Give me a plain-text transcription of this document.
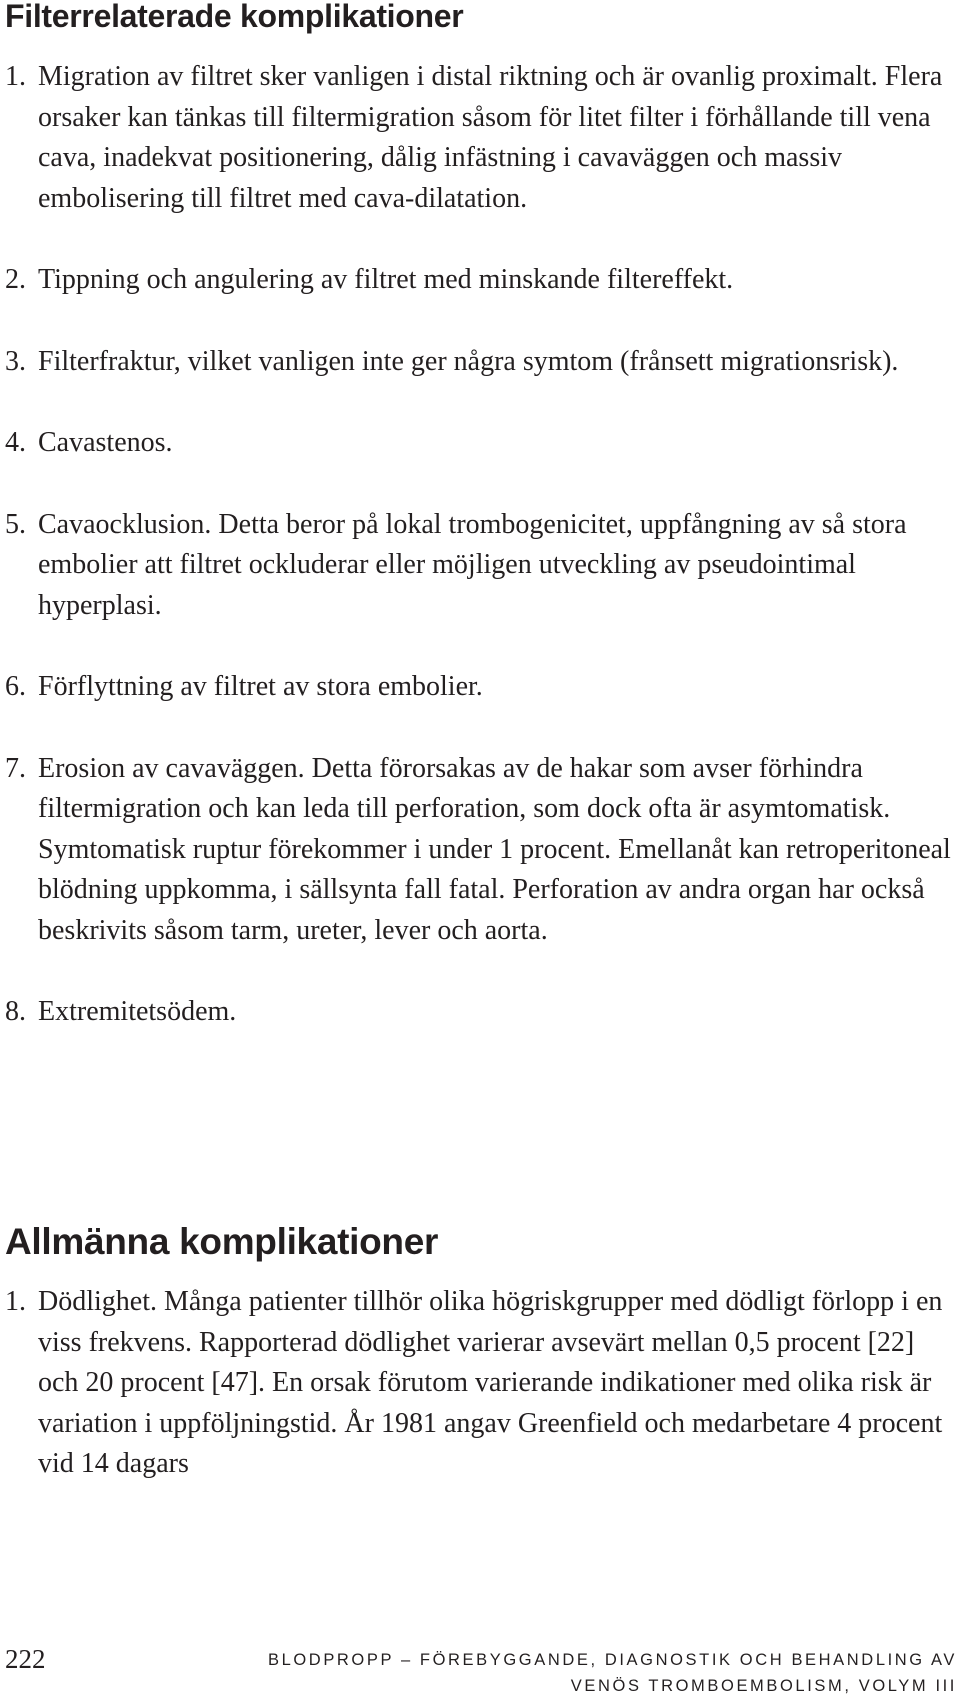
Filterrelaterade komplikationer
1. Migration av filtret sker vanligen i distal riktning och är ovanlig proximalt. Flera orsaker kan tänkas till filtermigration såsom för litet filter i förhållande till vena cava, inadekvat positionering, dålig infästning i cavaväggen och massiv embolisering till filtret med cava-dilatation.
2. Tippning och angulering av filtret med minskande filtereffekt.
3. Filterfraktur, vilket vanligen inte ger några symtom (frånsett migrationsrisk).
4. Cavastenos.
5. Cavaocklusion. Detta beror på lokal trombogenicitet, uppfångning av så stora embolier att filtret ockluderar eller möjligen utveckling av pseudointimal hyperplasi.
6. Förflyttning av filtret av stora embolier.
7. Erosion av cavaväggen. Detta förorsakas av de hakar som avser förhindra filtermigration och kan leda till perforation, som dock ofta är asymtomatisk. Symtomatisk ruptur förekommer i under 1 procent. Emellanåt kan retroperitoneal blödning uppkomma, i sällsynta fall fatal. Perforation av andra organ har också beskrivits såsom tarm, ureter, lever och aorta.
8. Extremitetsödem.
Allmänna komplikationer
1. Dödlighet. Många patienter tillhör olika högriskgrupper med dödligt förlopp i en viss frekvens. Rapporterad dödlighet varierar avsevärt mellan 0,5 procent [22] och 20 procent [47]. En orsak förutom varierande indikationer med olika risk är variation i uppföljningstid. År 1981 angav Greenfield och medarbetare 4 procent vid 14 dagars
222	BLODPROPP – FÖREBYGGANDE, DIAGNOSTIK OCH BEHANDLING AV
VENÖS TROMBOEMBOLISM, VOLYM III
